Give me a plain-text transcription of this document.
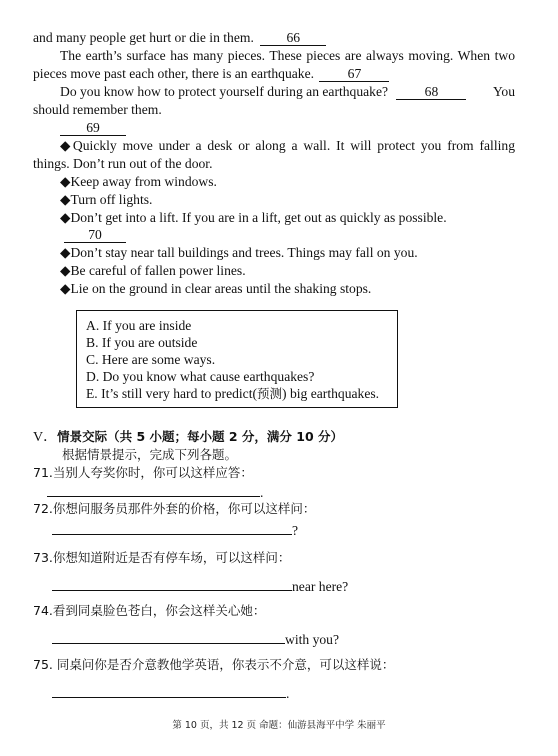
and many people get hurt or die in them. 66
The earth’s surface has many pieces. These pieces are always moving. When two
pieces move past each other, there is an earthquake. 67
Do you know how to protect yourself during an earthquake?	68	You
should remember them.
69
◆Quickly move under a desk or along a wall. It will protect you from falling
things. Don’t run out of the door.
◆Keep away from windows.
◆Turn off lights.
◆Don’t get into a lift. If you are in a lift, get out as quickly as possible.
70
◆Don’t stay near tall buildings and trees. Things may fall on you.
◆Be careful of fallen power lines.
◆Lie on the ground in clear areas until the shaking stops.
A. If you are inside
B. If you are outside
C. Here are some ways.
D. Do you know what cause earthquakes?
E. It’s still very hard to predict(预测) big earthquakes.
V．情景交际（共 5 小题；每小题 2 分，满分 10 分）
根据情景提示，完成下列各题。
71.当别人夸奖你时，你可以这样应答：
.
72.你想问服务员那件外套的价格，你可以这样问：
?
73.你想知道附近是否有停车场，可以这样问：
near here?
74.看到同桌脸色苍白，你会这样关心她：
with you?
75. 同桌问你是否介意教他学英语，你表示不介意，可以这样说：
.
第 10 页，共 12 页 命题：仙游县海平中学 朱丽平
